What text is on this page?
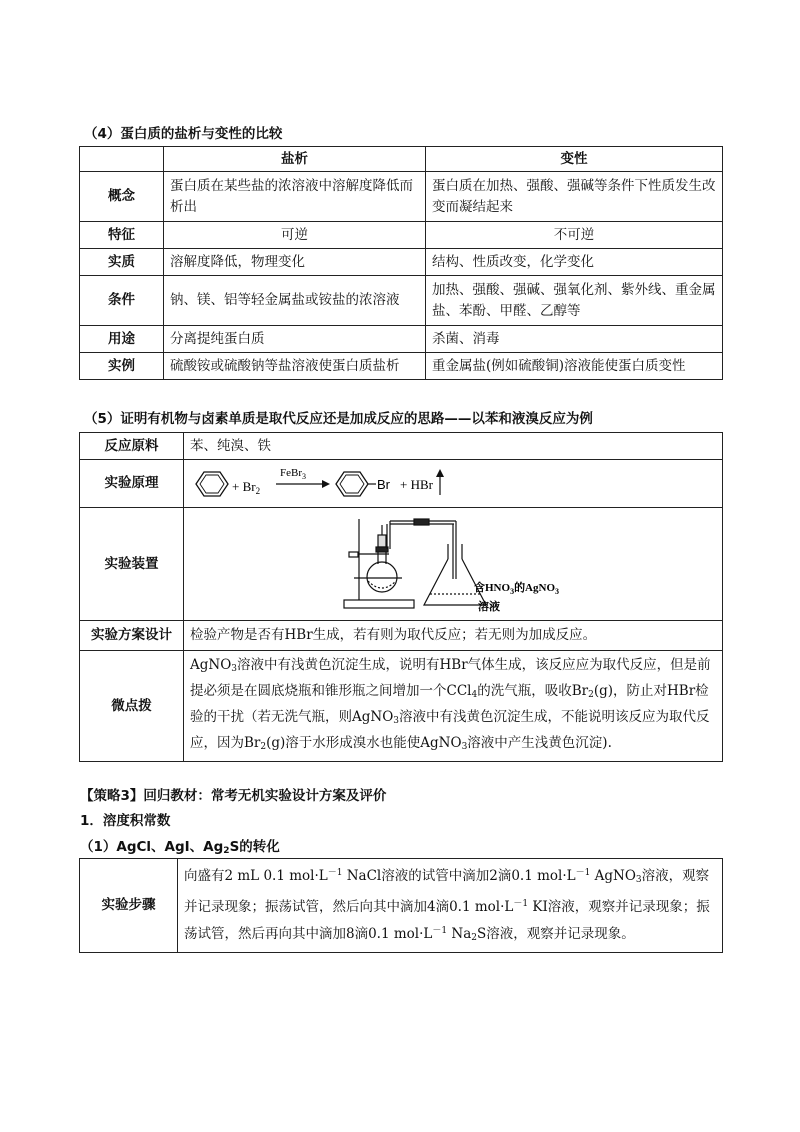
（4）蛋白质的盐析与变性的比较
	盐析	变性
概念	蛋白质在某些盐的浓溶液中溶解度降低而析出	蛋白质在加热、强酸、强碱等条件下性质发生改变而凝结起来
特征	可逆	不可逆
实质	溶解度降低，物理变化	结构、性质改变，化学变化
条件	钠、镁、铝等轻金属盐或铵盐的浓溶液	加热、强酸、强碱、强氧化剂、紫外线、重金属盐、苯酚、甲醛、乙醇等
用途	分离提纯蛋白质	杀菌、消毒
实例	硫酸铵或硫酸钠等盐溶液使蛋白质盐析	重金属盐(例如硫酸铜)溶液能使蛋白质变性
（5）证明有机物与卤素单质是取代反应还是加成反应的思路——以苯和液溴反应为例
反应原料	苯、纯溴、铁
实验原理	+ $Br_2$
FeBr$_3$
Br + HBr

实验装置	含$HNO_3$的AgNO$_3$
溶液

实验方案设计	检验产物是否有HBr生成，若有则为取代反应；若无则为加成反应。
微点拨	AgNO$_3$溶液中有浅黄色沉淀生成，说明有HBr气体生成，该反应应为取代反应，但是前提必须是在圆底烧瓶和锥形瓶之间增加一个CCl$_4$的洗气瓶，吸收$Br_2(g)$，防止对HBr检验的干扰（若无洗气瓶，则AgNO$_3$溶液中有浅黄色沉淀生成，不能说明该反应为取代反应，因为$Br_2(g)$溶于水形成溴水也能使AgNO$_3$溶液中产生浅黄色沉淀).
【策略3】回归教材：常考无机实验设计方案及评价
1．溶度积常数
（1）AgCl、AgI、$Ag_2S$的转化
实验步骤	向盛有2 mL 0.1 $mol\cdot L^{-1}$ NaCl溶液的试管中滴加2滴0.1 $mol\cdot L^{-1}$ AgNO$_3$溶液，观察并记录现象；振荡试管，然后向其中滴加4滴0.1 $mol\cdot L^{-1}$ KI溶液，观察并记录现象；振荡试管，然后再向其中滴加8滴0.1 $mol\cdot L^{-1}$ $Na_2S$溶液，观察并记录现象。
